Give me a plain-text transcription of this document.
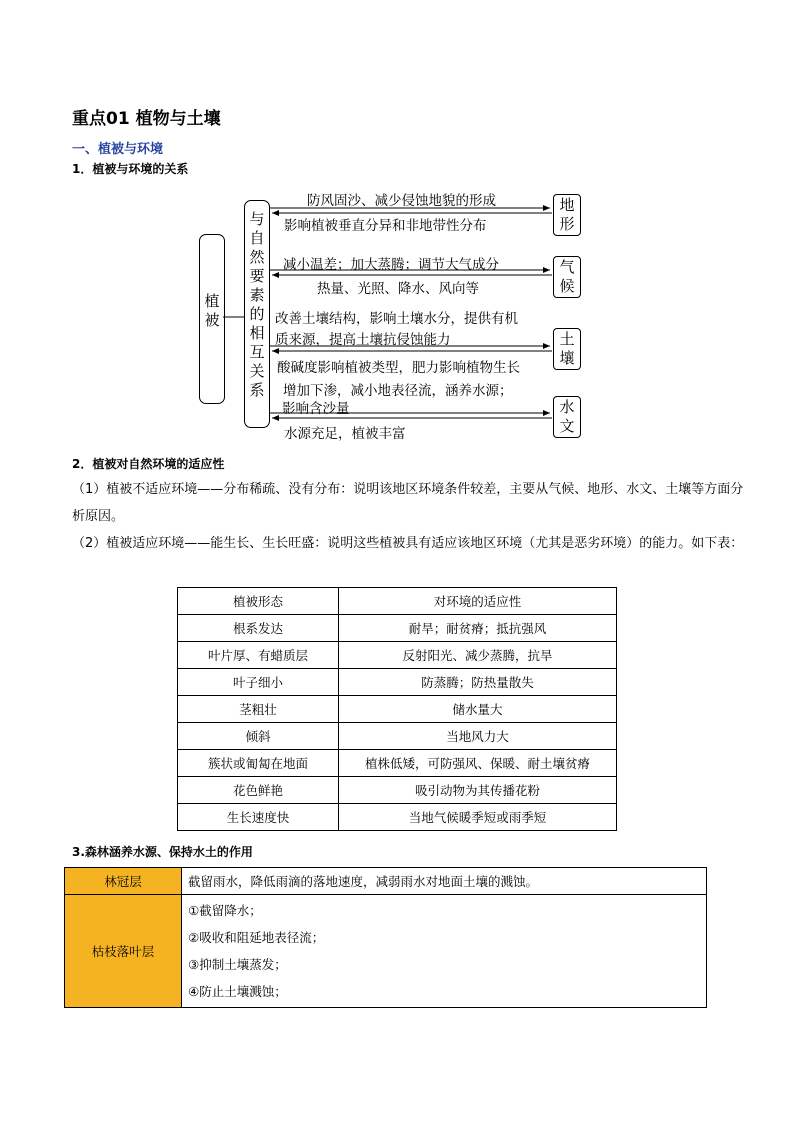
重点01 植物与土壤
一、植被与环境
1．植被与环境的关系
植被
与自然要素的相互关系
地形
气候
土壤
水文
防风固沙、减少侵蚀地貌的形成
影响植被垂直分异和非地带性分布
减小温差；加大蒸腾；调节大气成分
热量、光照、降水、风向等
改善土壤结构，影响土壤水分，提供有机
质来源，提高土壤抗侵蚀能力
酸碱度影响植被类型，肥力影响植物生长
增加下渗，减小地表径流，涵养水源；
影响含沙量
水源充足，植被丰富
2．植被对自然环境的适应性
（1）植被不适应环境——分布稀疏、没有分布：说明该地区环境条件较差，主要从气候、地形、水文、土壤等方面分析原因。
（2）植被适应环境——能生长、生长旺盛：说明这些植被具有适应该地区环境（尤其是恶劣环境）的能力。如下表：
植被形态	对环境的适应性
根系发达	耐旱；耐贫瘠；抵抗强风
叶片厚、有蜡质层	反射阳光、减少蒸腾，抗旱
叶子细小	防蒸腾；防热量散失
茎粗壮	储水量大
倾斜	当地风力大
簇状或匍匐在地面	植株低矮，可防强风、保暖、耐土壤贫瘠
花色鲜艳	吸引动物为其传播花粉
生长速度快	当地气候暖季短或雨季短
3.森林涵养水源、保持水土的作用
林冠层	截留雨水，降低雨滴的落地速度，减弱雨水对地面土壤的溅蚀。
枯枝落叶层	①截留降水；
②吸收和阻延地表径流；
③抑制土壤蒸发；
④防止土壤溅蚀；
